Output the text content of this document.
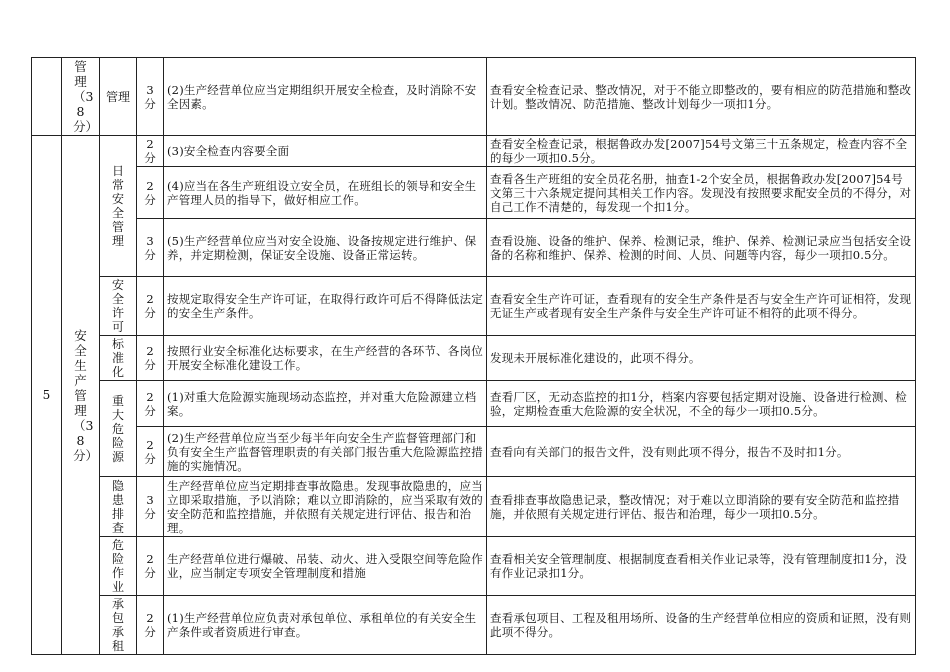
	管理（38分）	管理	3分	(2)生产经营单位应当定期组织开展安全检查，及时消除不安全因素。	查看安全检查记录、整改情况，对于不能立即整改的，要有相应的防范措施和整改计划。整改情况、防范措施、整改计划每少一项扣1分。
5	安全生产管理（38分）	日常安全管理	2分	(3)安全检查内容要全面	查看安全检查记录，根据鲁政办发[2007]54号文第三十五条规定，检查内容不全的每少一项扣0.5分。
			2分	(4)应当在各生产班组设立安全员，在班组长的领导和安全生产管理人员的指导下，做好相应工作。	查看各生产班组的安全员花名册，抽查1-2个安全员，根据鲁政办发[2007]54号文第三十六条规定提问其相关工作内容。发现没有按照要求配安全员的不得分，对自己工作不清楚的，每发现一个扣1分。
			3分	(5)生产经营单位应当对安全设施、设备按规定进行维护、保养，并定期检测，保证安全设施、设备正常运转。	查看设施、设备的维护、保养、检测记录，维护、保养、检测记录应当包括安全设备的名称和维护、保养、检测的时间、人员、问题等内容，每少一项扣0.5分。
		安全许可	2分	按规定取得安全生产许可证，在取得行政许可后不得降低法定的安全生产条件。	查看安全生产许可证，查看现有的安全生产条件是否与安全生产许可证相符，发现无证生产或者现有安全生产条件与安全生产许可证不相符的此项不得分。
		标准化	2分	按照行业安全标准化达标要求，在生产经营的各环节、各岗位开展安全标准化建设工作。	发现未开展标准化建设的，此项不得分。
		重大危险源	2分	(1)对重大危险源实施现场动态监控，并对重大危险源建立档案。	查看厂区，无动态监控的扣1分，档案内容要包括定期对设施、设备进行检测、检验，定期检查重大危险源的安全状况，不全的每少一项扣0.5分。
			2分	(2)生产经营单位应当至少每半年向安全生产监督管理部门和负有安全生产监督管理职责的有关部门报告重大危险源监控措施的实施情况。	查看向有关部门的报告文件，没有则此项不得分，报告不及时扣1分。
		隐患排查	3分	生产经营单位应当定期排查事故隐患。发现事故隐患的，应当立即采取措施，予以消除；难以立即消除的，应当采取有效的安全防范和监控措施，并依照有关规定进行评估、报告和治理。	查看排查事故隐患记录，整改情况；对于难以立即消除的要有安全防范和监控措施，并依照有关规定进行评估、报告和治理，每少一项扣0.5分。
		危险作业	2分	生产经营单位进行爆破、吊装、动火、进入受限空间等危险作业，应当制定专项安全管理制度和措施	查看相关安全管理制度、根据制度查看相关作业记录等，没有管理制度扣1分，没有作业记录扣1分。
		承包承租	2分	(1)生产经营单位应负责对承包单位、承租单位的有关安全生产条件或者资质进行审查。	查看承包项目、工程及租用场所、设备的生产经营单位相应的资质和证照，没有则此项不得分。
